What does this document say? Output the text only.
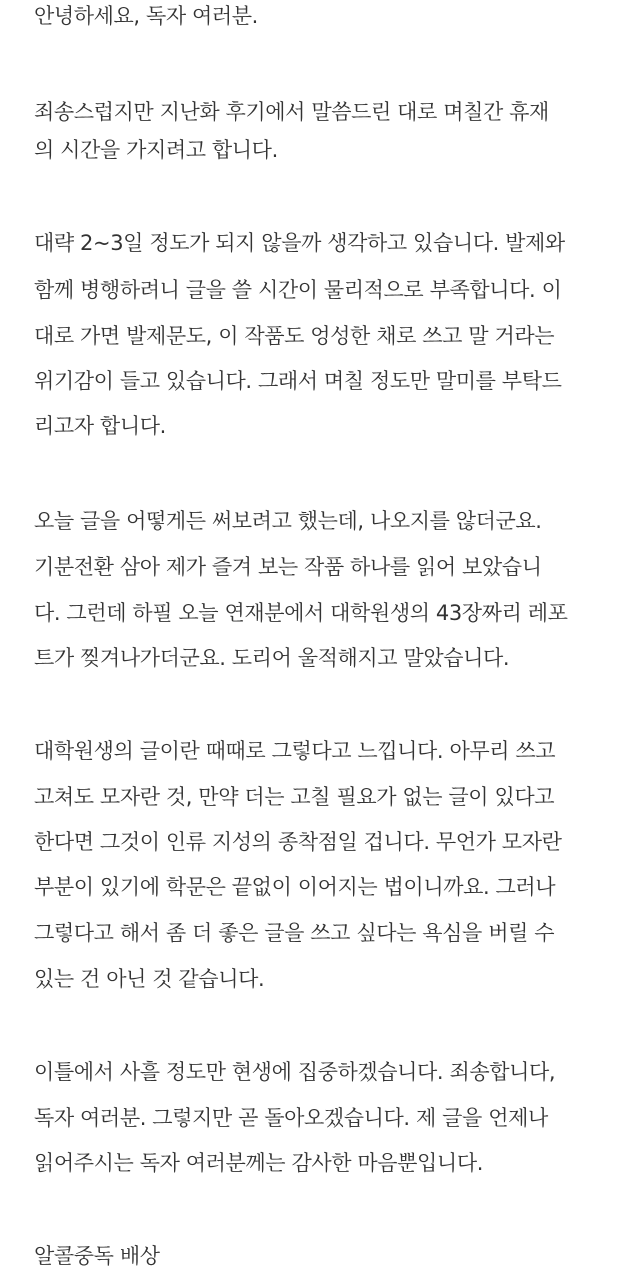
안녕하세요, 독자 여러분.
죄송스럽지만 지난화 후기에서 말씀드린 대로 며칠간 휴재
의 시간을 가지려고 합니다.
대략 2~3일 정도가 되지 않을까 생각하고 있습니다. 발제와
함께 병행하려니 글을 쓸 시간이 물리적으로 부족합니다. 이
대로 가면 발제문도, 이 작품도 엉성한 채로 쓰고 말 거라는
위기감이 들고 있습니다. 그래서 며칠 정도만 말미를 부탁드
리고자 합니다.
오늘 글을 어떻게든 써보려고 했는데, 나오지를 않더군요.
기분전환 삼아 제가 즐겨 보는 작품 하나를 읽어 보았습니
다. 그런데 하필 오늘 연재분에서 대학원생의 43장짜리 레포
트가 찢겨나가더군요. 도리어 울적해지고 말았습니다.
대학원생의 글이란 때때로 그렇다고 느낍니다. 아무리 쓰고
고쳐도 모자란 것, 만약 더는 고칠 필요가 없는 글이 있다고
한다면 그것이 인류 지성의 종착점일 겁니다. 무언가 모자란
부분이 있기에 학문은 끝없이 이어지는 법이니까요. 그러나
그렇다고 해서 좀 더 좋은 글을 쓰고 싶다는 욕심을 버릴 수
있는 건 아닌 것 같습니다.
이틀에서 사흘 정도만 현생에 집중하겠습니다. 죄송합니다,
독자 여러분. 그렇지만 곧 돌아오겠습니다. 제 글을 언제나
읽어주시는 독자 여러분께는 감사한 마음뿐입니다.
알콜중독 배상
